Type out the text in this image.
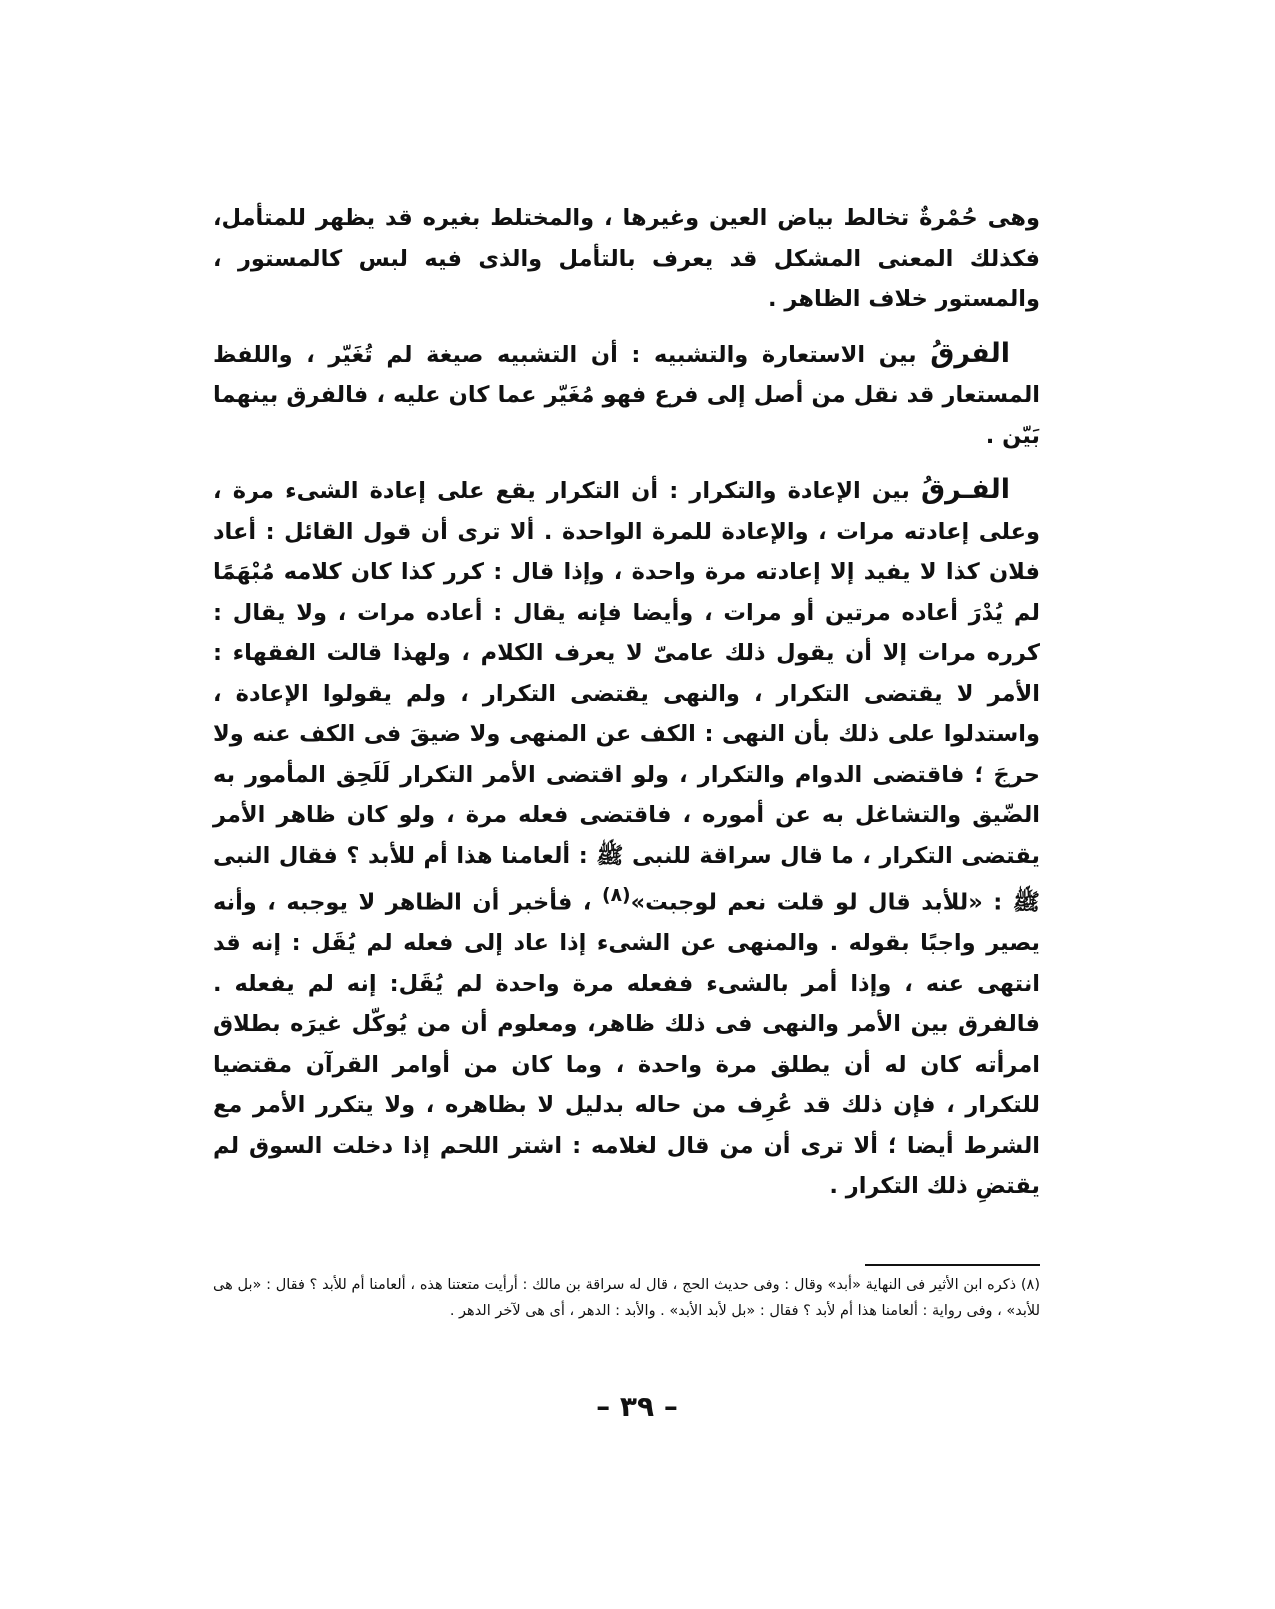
وهى حُمْرةٌ تخالط بياض العين وغيرها ، والمختلط بغيره قد يظهر للمتأمل، فكذلك المعنى المشكل قد يعرف بالتأمل والذى فيه لبس كالمستور ، والمستور خلاف الظاهر .

الفرقُ بين الاستعارة والتشبيه : أن التشبيه صيغة لم تُغَيّر ، واللفظ المستعار قد نقل من أصل إلى فرع فهو مُغَيّر عما كان عليه ، فالفرق بينهما بَيّن .

الفـرقُ بين الإعادة والتكرار : أن التكرار يقع على إعادة الشىء مرة ، وعلى إعادته مرات ، والإعادة للمرة الواحدة . ألا ترى أن قول القائل : أعاد فلان كذا لا يفيد إلا إعادته مرة واحدة ، وإذا قال : كرر كذا كان كلامه مُبْهَمًا لم يُدْرَ أعاده مرتين أو مرات ، وأيضا فإنه يقال : أعاده مرات ، ولا يقال : كرره مرات إلا أن يقول ذلك عامىّ لا يعرف الكلام ، ولهذا قالت الفقهاء : الأمر لا يقتضى التكرار ، والنهى يقتضى التكرار ، ولم يقولوا الإعادة ، واستدلوا على ذلك بأن النهى : الكف عن المنهى ولا ضيقَ فى الكف عنه ولا حرجَ ؛ فاقتضى الدوام والتكرار ، ولو اقتضى الأمر التكرار لَلَحِق المأمور به الضّيق والتشاغل به عن أموره ، فاقتضى فعله مرة ، ولو كان ظاهر الأمر يقتضى التكرار ، ما قال سراقة للنبى ﷺ : ألعامنا هذا أم للأبد ؟ فقال النبى ﷺ : «للأبد قال لو قلت نعم لوجبت»$^{(٨)}$ ، فأخبر أن الظاهر لا يوجبه ، وأنه يصير واجبًا بقوله . والمنهى عن الشىء إذا عاد إلى فعله لم يُقَل : إنه قد انتهى عنه ، وإذا أمر بالشىء ففعله مرة واحدة لم يُقَل: إنه لم يفعله . فالفرق بين الأمر والنهى فى ذلك ظاهر، ومعلوم أن من يُوكّل غيرَه بطلاق امرأته كان له أن يطلق مرة واحدة ، وما كان من أوامر القرآن مقتضيا للتكرار ، فإن ذلك قد عُرِف من حاله بدليل لا بظاهره ، ولا يتكرر الأمر مع الشرط أيضا ؛ ألا ترى أن من قال لغلامه : اشتر اللحم إذا دخلت السوق لم يقتضِ ذلك التكرار .

(٨) ذكره ابن الأثير فى النهاية «أبد» وقال : وفى حديث الحج ، قال له سراقة بن مالك : أرأيت متعتنا هذه ، ألعامنا أم للأبد ؟ فقال : «بل هى للأبد» ، وفى رواية : ألعامنا هذا أم لأبد ؟ فقال : «بل لأبد الأبد» . والأبد : الدهر ، أى هى لآخر الدهر .
– ٣٩ –
